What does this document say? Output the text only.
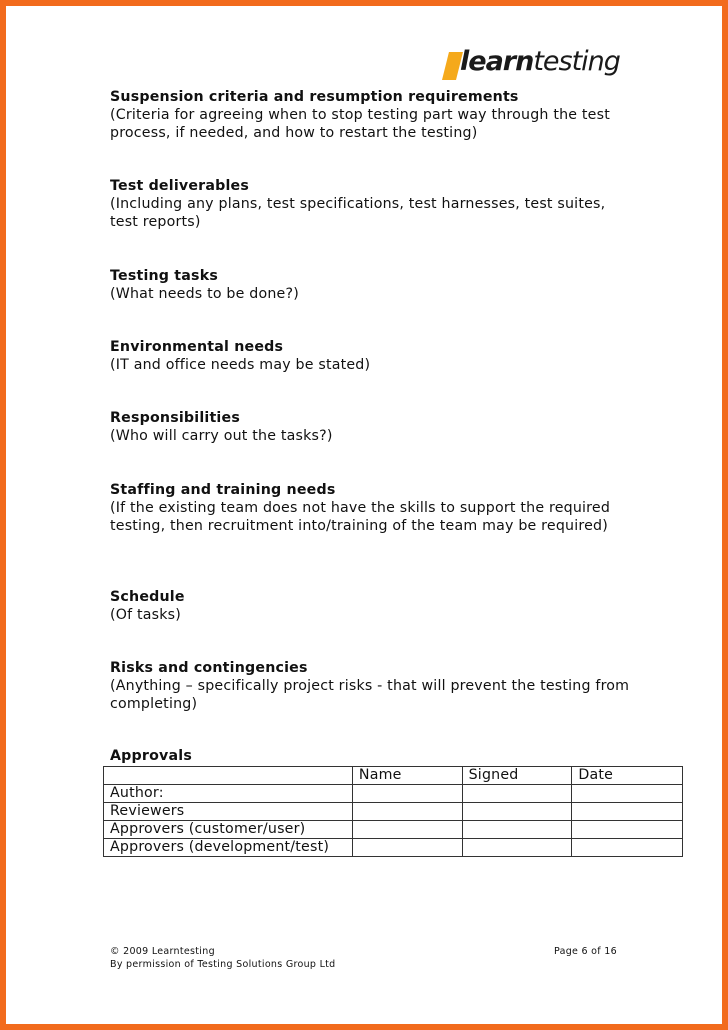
learntesting
Suspension criteria and resumption requirements
(Criteria for agreeing when to stop testing part way through the test process, if needed, and how to restart the testing)
Test deliverables
(Including any plans, test specifications, test harnesses, test suites, test reports)
Testing tasks
(What needs to be done?)
Environmental needs
(IT and office needs may be stated)
Responsibilities
(Who will carry out the tasks?)
Staffing and training needs
(If the existing team does not have the skills to support the required testing, then recruitment into/training of the team may be required)
Schedule
(Of tasks)
Risks and contingencies
(Anything – specifically project risks - that will prevent the testing from completing)
Approvals
	Name	Signed	Date
Author:			
Reviewers			
Approvers (customer/user)			
Approvers (development/test)			
© 2009 Learntesting
By permission of Testing Solutions Group Ltd
Page 6 of 16
